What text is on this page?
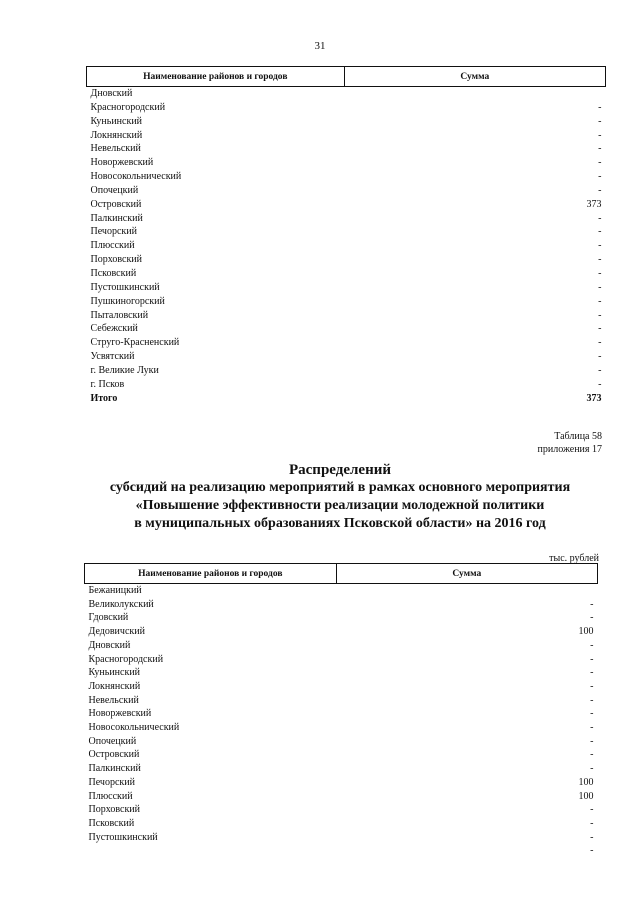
31
Наименование районов и городов	Сумма
Дновский	
Красногородский	-
Куньинский	-
Локнянский	-
Невельский	-
Новоржевский	-
Новосокольнический	-
Опочецкий	-
Островский	373
Палкинский	-
Печорский	-
Плюсский	-
Порховский	-
Псковский	-
Пустошкинский	-
Пушкиногорский	-
Пыталовский	-
Себежский	-
Струго-Красненский	-
Усвятский	-
г. Великие Луки	-
г. Псков	-
Итого	373
Таблица 58
приложения 17
Распределений
субсидий на реализацию мероприятий в рамках основного мероприятия
«Повышение эффективности реализации молодежной политики
в муниципальных образованиях Псковской области» на 2016 год
тыс. рублей
Наименование районов и городов	Сумма
Бежаницкий	
Великолукский	-
Гдовский	-
Дедовичский	100
Дновский	-
Красногородский	-
Куньинский	-
Локнянский	-
Невельский	-
Новоржевский	-
Новосокольнический	-
Опочецкий	-
Островский	-
Палкинский	-
Печорский	100
Плюсский	100
Порховский	-
Псковский	-
Пустошкинский	-
	-
